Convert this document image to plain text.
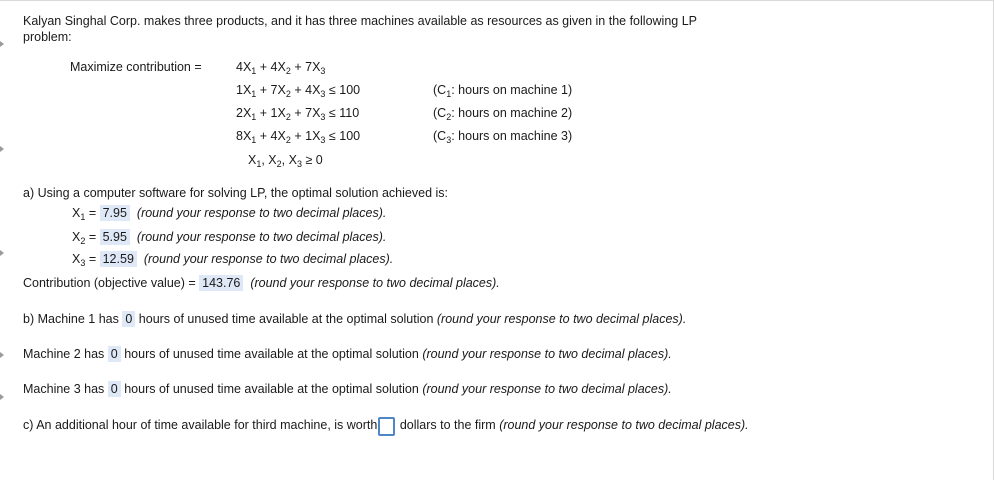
Kalyan Singhal Corp. makes three products, and it has three machines available as resources as given in the following LP problem:
Maximize contribution =	$4X_1 + 4X_2 + 7X_3$
$1X_1 + 7X_2 + 4X_3 \le 100$	($C_1$: hours on machine 1)
$2X_1 + 1X_2 + 7X_3 \le 110$	($C_2$: hours on machine 2)
$8X_1 + 4X_2 + 1X_3 \le 100$	($C_3$: hours on machine 3)
$X_1$, $X_2$, $X_3 \ge 0$
a) Using a computer software for solving LP, the optimal solution achieved is:
$X_1 = 7.95$ (round your response to two decimal places).
$X_2 = 5.95$ (round your response to two decimal places).
$X_3 = 12.59$ (round your response to two decimal places).
Contribution (objective value) = 143.76 (round your response to two decimal places).
b) Machine 1 has 0 hours of unused time available at the optimal solution (round your response to two decimal places).
Machine 2 has 0 hours of unused time available at the optimal solution (round your response to two decimal places).
Machine 3 has 0 hours of unused time available at the optimal solution (round your response to two decimal places).
c) An additional hour of time available for third machine, is worth dollars to the firm (round your response to two decimal places).
